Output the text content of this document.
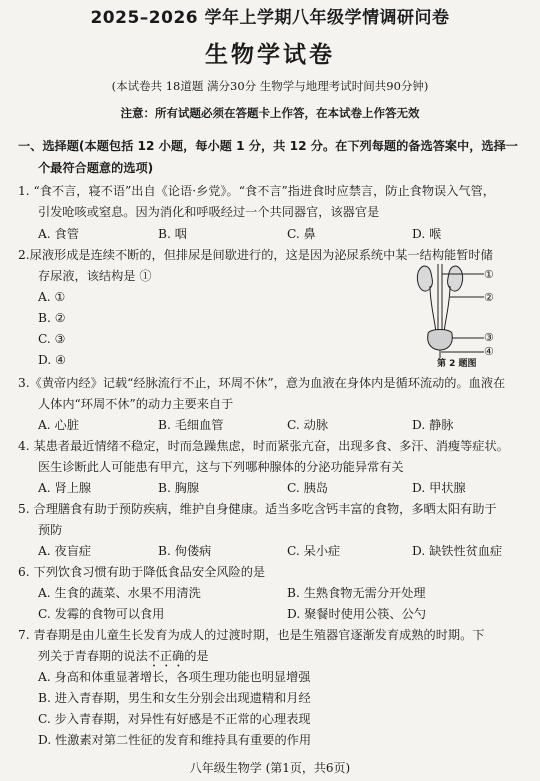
2025–2026 学年上学期八年级学情调研问卷
生物学试卷
(本试卷共 18道题 满分30分 生物学与地理考试时间共90分钟)
注意：所有试题必须在答题卡上作答，在本试卷上作答无效
一、选择题(本题包括 12 小题，每小题 1 分，共 12 分。在下列每题的备选答案中，选择一
个最符合题意的选项)
1. “食不言，寝不语”出自《论语·乡党》。“食不言”指进食时应禁言，防止食物误入气管，
引发呛咳或窒息。因为消化和呼吸经过一个共同器官，该器官是
A. 食管	B. 咽	C. 鼻	D. 喉
2.尿液形成是连续不断的，但排尿是间歇进行的，这是因为泌尿系统中某一结构能暂时储
存尿液，该结构是 ①
A. ①
B. ②
C. ③
D. ④
①
②
③
④
第 2 题图
3.《黄帝内经》记载“经脉流行不止，环周不休”，意为血液在身体内是循环流动的。血液在
人体内“环周不休”的动力主要来自于
A. 心脏	B. 毛细血管	C. 动脉	D. 静脉
4. 某患者最近情绪不稳定，时而急躁焦虑，时而紧张亢奋，出现多食、多汗、消瘦等症状。
医生诊断此人可能患有甲亢，这与下列哪种腺体的分泌功能异常有关
A. 肾上腺	B. 胸腺	C. 胰岛	D. 甲状腺
5. 合理膳食有助于预防疾病，维护自身健康。适当多吃含钙丰富的食物，多晒太阳有助于
预防
A. 夜盲症	B. 佝偻病	C. 呆小症	D. 缺铁性贫血症
6. 下列饮食习惯有助于降低食品安全风险的是
A. 生食的蔬菜、水果不用清洗	B. 生熟食物无需分开处理
C. 发霉的食物可以食用	D. 聚餐时使用公筷、公勺
7. 青春期是由儿童生长发育为成人的过渡时期，也是生殖器官逐渐发育成熟的时期。下
列关于青春期的说法不正确的是
A. 身高和体重显著增长，各项生理功能也明显增强
B. 进入青春期，男生和女生分别会出现遗精和月经
C. 步入青春期，对异性有好感是不正常的心理表现
D. 性激素对第二性征的发育和维持具有重要的作用
八年级生物学 (第1页，共6页)
